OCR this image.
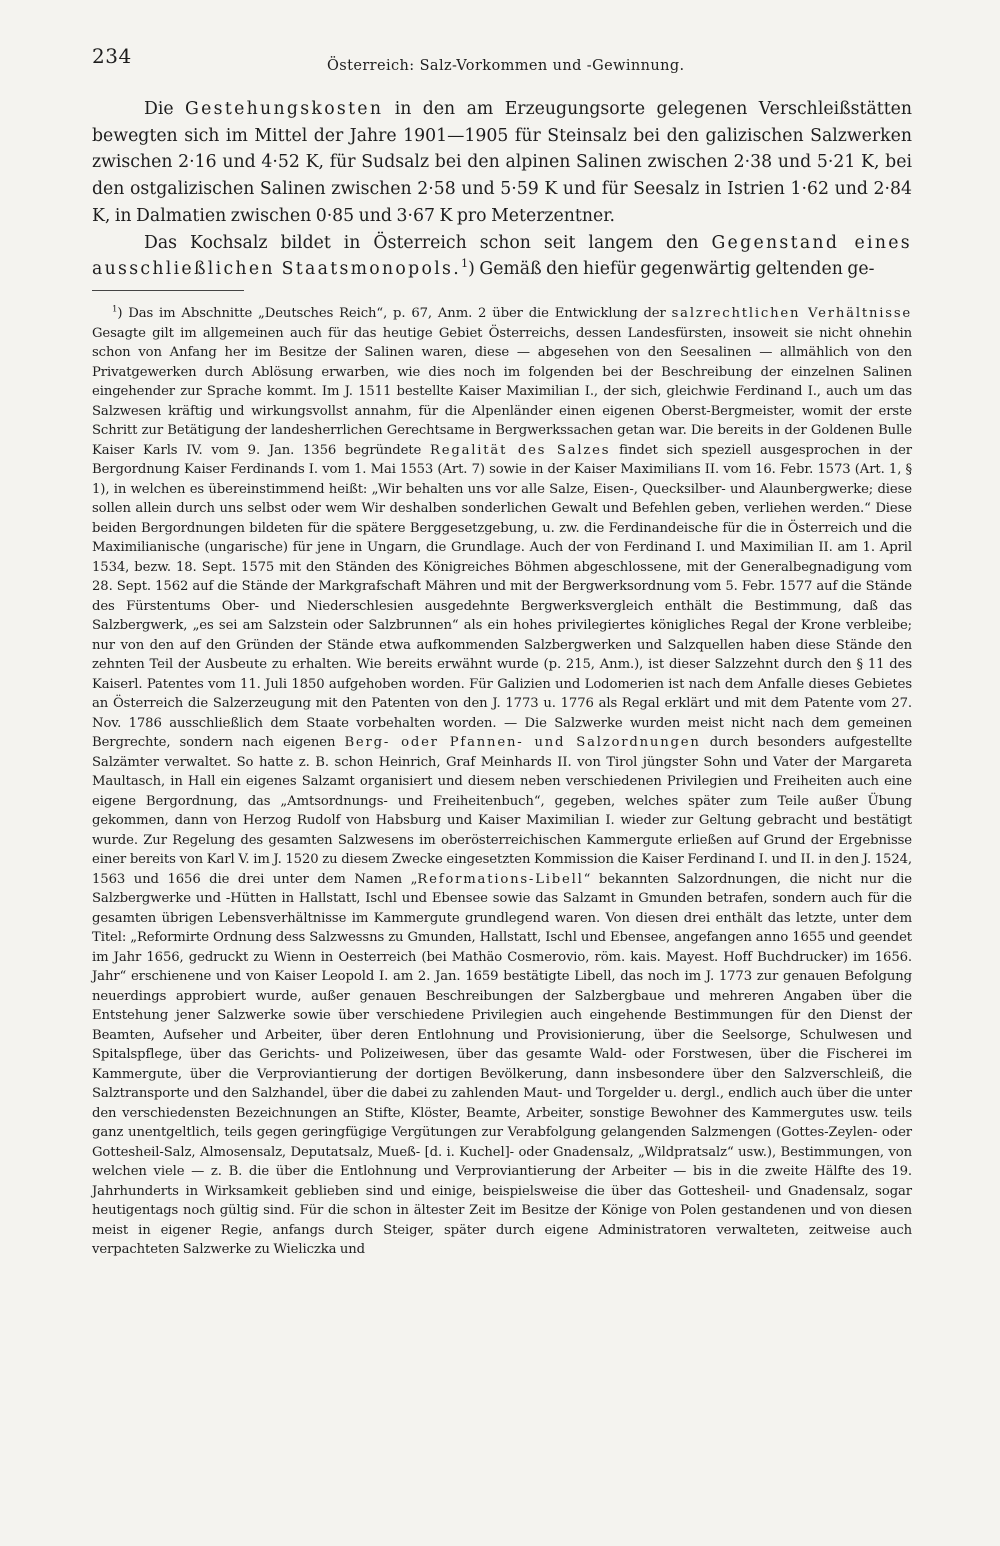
234	Österreich: Salz-Vorkommen und -Gewinnung.

Die Gestehungskosten in den am Erzeugungsorte gelegenen Verschleißstätten bewegten sich im Mittel der Jahre 1901—1905 für Steinsalz bei den galizischen Salzwerken zwischen 2·16 und 4·52 K, für Sudsalz bei den alpinen Salinen zwischen 2·38 und 5·21 K, bei den ostgalizischen Salinen zwischen 2·58 und 5·59 K und für Seesalz in Istrien 1·62 und 2·84 K, in Dalmatien zwischen 0·85 und 3·67 K pro Meterzentner.

Das Kochsalz bildet in Österreich schon seit langem den Gegenstand eines ausschließlichen Staatsmonopols.$^1$) Gemäß den hiefür gegenwärtig geltenden ge-

$^1$) Das im Abschnitte „Deutsches Reich“, p. 67, Anm. 2 über die Entwicklung der salzrechtlichen Verhältnisse Gesagte gilt im allgemeinen auch für das heutige Gebiet Österreichs, dessen Landesfürsten, insoweit sie nicht ohnehin schon von Anfang her im Besitze der Salinen waren, diese — abgesehen von den Seesalinen — allmählich von den Privatgewerken durch Ablösung erwarben, wie dies noch im folgenden bei der Beschreibung der einzelnen Salinen eingehender zur Sprache kommt. Im J. 1511 bestellte Kaiser Maximilian I., der sich, gleichwie Ferdinand I., auch um das Salzwesen kräftig und wirkungsvollst annahm, für die Alpenländer einen eigenen Oberst-Bergmeister, womit der erste Schritt zur Betätigung der landesherrlichen Gerechtsame in Bergwerkssachen getan war. Die bereits in der Goldenen Bulle Kaiser Karls IV. vom 9. Jan. 1356 begründete Regalität des Salzes findet sich speziell ausgesprochen in der Bergordnung Kaiser Ferdinands I. vom 1. Mai 1553 (Art. 7) sowie in der Kaiser Maximilians II. vom 16. Febr. 1573 (Art. 1, § 1), in welchen es übereinstimmend heißt: „Wir behalten uns vor alle Salze, Eisen-, Quecksilber- und Alaunbergwerke; diese sollen allein durch uns selbst oder wem Wir deshalben sonderlichen Gewalt und Befehlen geben, verliehen werden.“ Diese beiden Bergordnungen bildeten für die spätere Berggesetzgebung, u. zw. die Ferdinandeische für die in Österreich und die Maximilianische (ungarische) für jene in Ungarn, die Grundlage. Auch der von Ferdinand I. und Maximilian II. am 1. April 1534, bezw. 18. Sept. 1575 mit den Ständen des Königreiches Böhmen abgeschlossene, mit der Generalbegnadigung vom 28. Sept. 1562 auf die Stände der Markgrafschaft Mähren und mit der Bergwerksordnung vom 5. Febr. 1577 auf die Stände des Fürstentums Ober- und Niederschlesien ausgedehnte Bergwerksvergleich enthält die Bestimmung, daß das Salzbergwerk, „es sei am Salzstein oder Salzbrunnen“ als ein hohes privilegiertes königliches Regal der Krone verbleibe; nur von den auf den Gründen der Stände etwa aufkommenden Salzbergwerken und Salzquellen haben diese Stände den zehnten Teil der Ausbeute zu erhalten. Wie bereits erwähnt wurde (p. 215, Anm.), ist dieser Salzzehnt durch den § 11 des Kaiserl. Patentes vom 11. Juli 1850 aufgehoben worden. Für Galizien und Lodomerien ist nach dem Anfalle dieses Gebietes an Österreich die Salzerzeugung mit den Patenten von den J. 1773 u. 1776 als Regal erklärt und mit dem Patente vom 27. Nov. 1786 ausschließlich dem Staate vorbehalten worden. — Die Salzwerke wurden meist nicht nach dem gemeinen Bergrechte, sondern nach eigenen Berg- oder Pfannen- und Salzordnungen durch besonders aufgestellte Salzämter verwaltet. So hatte z. B. schon Heinrich, Graf Meinhards II. von Tirol jüngster Sohn und Vater der Margareta Maultasch, in Hall ein eigenes Salzamt organisiert und diesem neben verschiedenen Privilegien und Freiheiten auch eine eigene Bergordnung, das „Amtsordnungs- und Freiheitenbuch“, gegeben, welches später zum Teile außer Übung gekommen, dann von Herzog Rudolf von Habsburg und Kaiser Maximilian I. wieder zur Geltung gebracht und bestätigt wurde. Zur Regelung des gesamten Salzwesens im oberösterreichischen Kammergute erließen auf Grund der Ergebnisse einer bereits von Karl V. im J. 1520 zu diesem Zwecke eingesetzten Kommission die Kaiser Ferdinand I. und II. in den J. 1524, 1563 und 1656 die drei unter dem Namen „Reformations-Libell“ bekannten Salzordnungen, die nicht nur die Salzbergwerke und -Hütten in Hallstatt, Ischl und Ebensee sowie das Salzamt in Gmunden betrafen, sondern auch für die gesamten übrigen Lebensverhältnisse im Kammergute grundlegend waren. Von diesen drei enthält das letzte, unter dem Titel: „Reformirte Ordnung dess Salzwessns zu Gmunden, Hallstatt, Ischl und Ebensee, angefangen anno 1655 und geendet im Jahr 1656, gedruckt zu Wienn in Oesterreich (bei Mathäo Cosmerovio, röm. kais. Mayest. Hoff Buchdrucker) im 1656. Jahr“ erschienene und von Kaiser Leopold I. am 2. Jan. 1659 bestätigte Libell, das noch im J. 1773 zur genauen Befolgung neuerdings approbiert wurde, außer genauen Beschreibungen der Salzbergbaue und mehreren Angaben über die Entstehung jener Salzwerke sowie über verschiedene Privilegien auch eingehende Bestimmungen für den Dienst der Beamten, Aufseher und Arbeiter, über deren Entlohnung und Provisionierung, über die Seelsorge, Schulwesen und Spitalspflege, über das Gerichts- und Polizeiwesen, über das gesamte Wald- oder Forstwesen, über die Fischerei im Kammergute, über die Verproviantierung der dortigen Bevölkerung, dann insbesondere über den Salzverschleiß, die Salztransporte und den Salzhandel, über die dabei zu zahlenden Maut- und Torgelder u. dergl., endlich auch über die unter den verschiedensten Bezeichnungen an Stifte, Klöster, Beamte, Arbeiter, sonstige Bewohner des Kammergutes usw. teils ganz unentgeltlich, teils gegen geringfügige Vergütungen zur Verabfolgung gelangenden Salzmengen (Gottes-Zeylen- oder Gottesheil-Salz, Almosensalz, Deputatsalz, Mueß- [d. i. Kuchel]- oder Gnadensalz, „Wildpratsalz“ usw.), Bestimmungen, von welchen viele — z. B. die über die Entlohnung und Verproviantierung der Arbeiter — bis in die zweite Hälfte des 19. Jahrhunderts in Wirksamkeit geblieben sind und einige, beispielsweise die über das Gottesheil- und Gnadensalz, sogar heutigentags noch gültig sind. Für die schon in ältester Zeit im Besitze der Könige von Polen gestandenen und von diesen meist in eigener Regie, anfangs durch Steiger, später durch eigene Administratoren verwalteten, zeitweise auch verpachteten Salzwerke zu Wieliczka und
